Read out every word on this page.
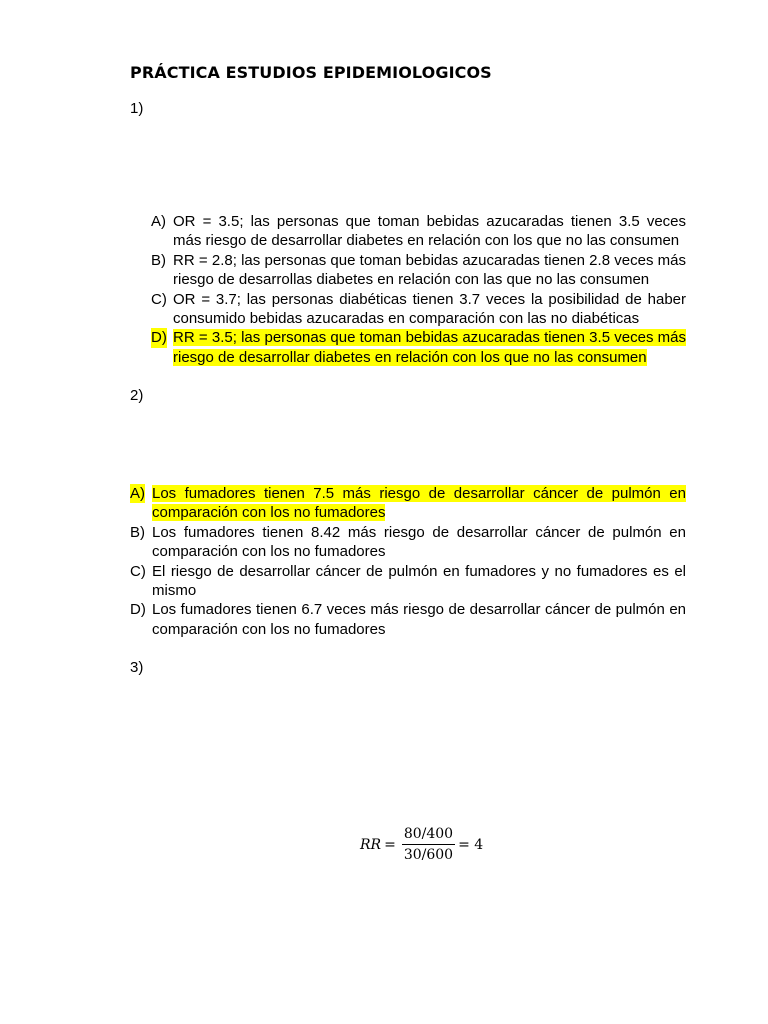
PRÁCTICA ESTUDIOS EPIDEMIOLOGICOS
1)
A) OR = 3.5; las personas que toman bebidas azucaradas tienen 3.5 veces más riesgo de desarrollar diabetes en relación con los que no las consumen
B) RR = 2.8; las personas que toman bebidas azucaradas tienen 2.8 veces más riesgo de desarrollas diabetes en relación con las que no las consumen
C) OR = 3.7; las personas diabéticas tienen 3.7 veces la posibilidad de haber consumido bebidas azucaradas en comparación con las no diabéticas
D) RR = 3.5; las personas que toman bebidas azucaradas tienen 3.5 veces más riesgo de desarrollar diabetes en relación con los que no las consumen
2)
A) Los fumadores tienen 7.5 más riesgo de desarrollar cáncer de pulmón en comparación con los no fumadores
B) Los fumadores tienen 8.42 más riesgo de desarrollar cáncer de pulmón en comparación con los no fumadores
C) El riesgo de desarrollar cáncer de pulmón en fumadores y no fumadores es el mismo
D) Los fumadores tienen 6.7 veces más riesgo de desarrollar cáncer de pulmón en comparación con los no fumadores
3)
RR = $\frac{80/400}{30/600} = 4$
